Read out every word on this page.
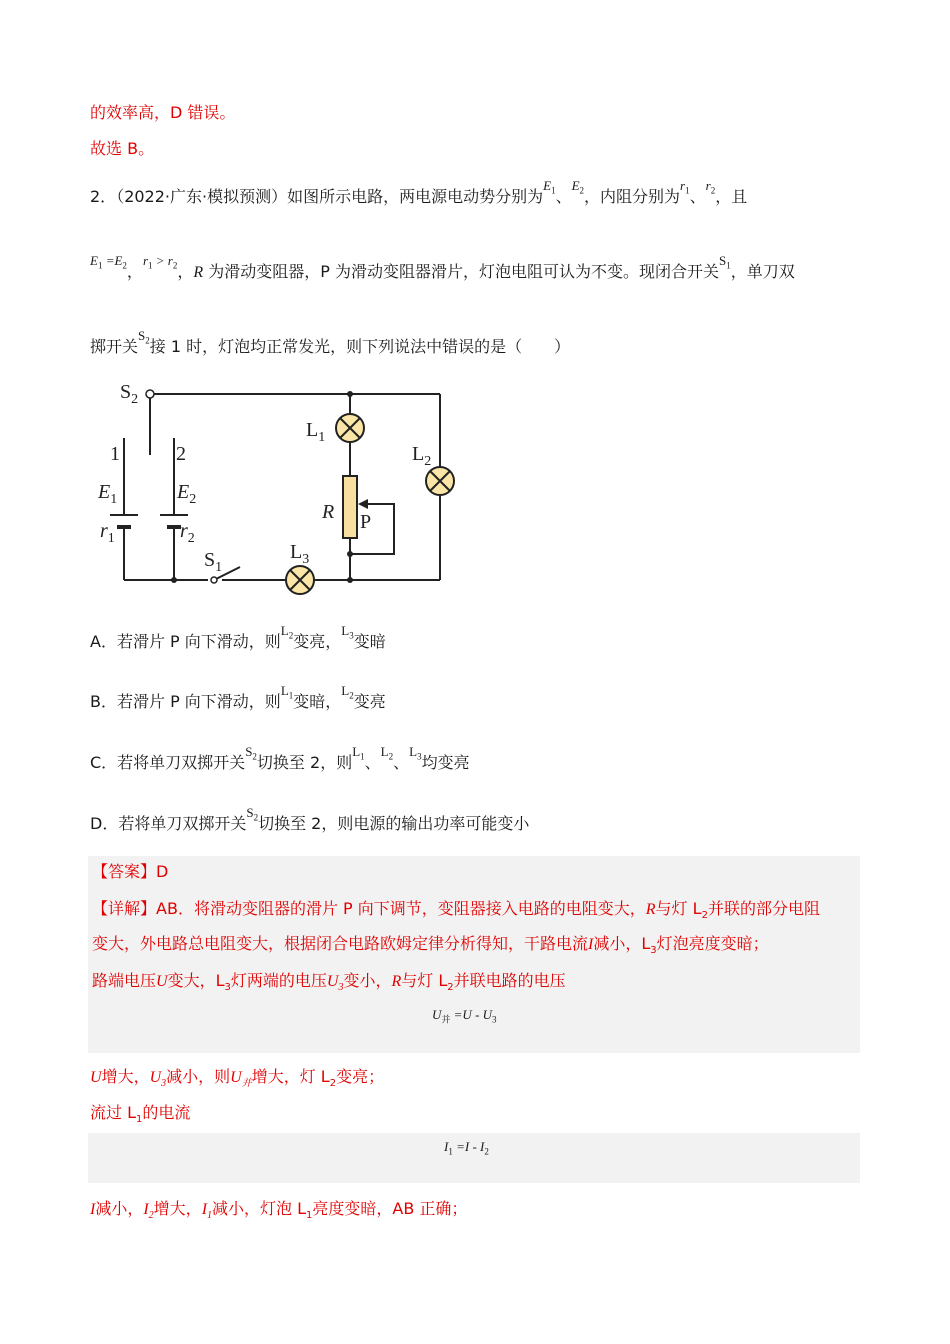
的效率高，D 错误。
故选 B。
2．（2022·广东·模拟预测）如图所示电路，两电源电动势分别为$^{E_1}$、$^{E_2}$，内阻分别为$^{r_1}$、$^{r_2}$，且
$^{E_1 =E_2}$，$^{r_1 > r_2}$，R 为滑动变阻器，P 为滑动变阻器滑片，灯泡电阻可认为不变。现闭合开关$^{S_1}$，单刀双
掷开关$^{S_2}$接 1 时，灯泡均正常发光，则下列说法中错误的是（　　）
$S_2$
1	2
$E_1$	$E_2$
$r_1$	$r_2$
$S_1$
$L_1$
$L_2$
$L_3$
R P
A．若滑片 P 向下滑动，则$^{L_2}$变亮，$^{L_3}$变暗
B．若滑片 P 向下滑动，则$^{L_1}$变暗，$^{L_2}$变亮
C．若将单刀双掷开关$^{S_2}$切换至 2，则$^{L_1}$、$^{L_2}$、$^{L_3}$均变亮
D．若将单刀双掷开关$^{S_2}$切换至 2，则电源的输出功率可能变小
【答案】D
【详解】AB．将滑动变阻器的滑片 P 向下调节，变阻器接入电路的电阻变大，R与灯 $L_2$并联的部分电阻
变大，外电路总电阻变大，根据闭合电路欧姆定律分析得知，干路电流I减小，$L_3$灯泡亮度变暗；
路端电压U变大，$L_3$灯两端的电压$U_3$变小，R与灯 $L_2$并联电路的电压
$U_并 =U - U_3$
U增大，$U_3$减小，则$U_并$增大，灯 $L_2$变亮；
流过 $L_1$的电流
$I_1 =I - I_2$
I减小，$I_2$增大，$I_1$减小，灯泡 $L_1$亮度变暗，AB 正确；
